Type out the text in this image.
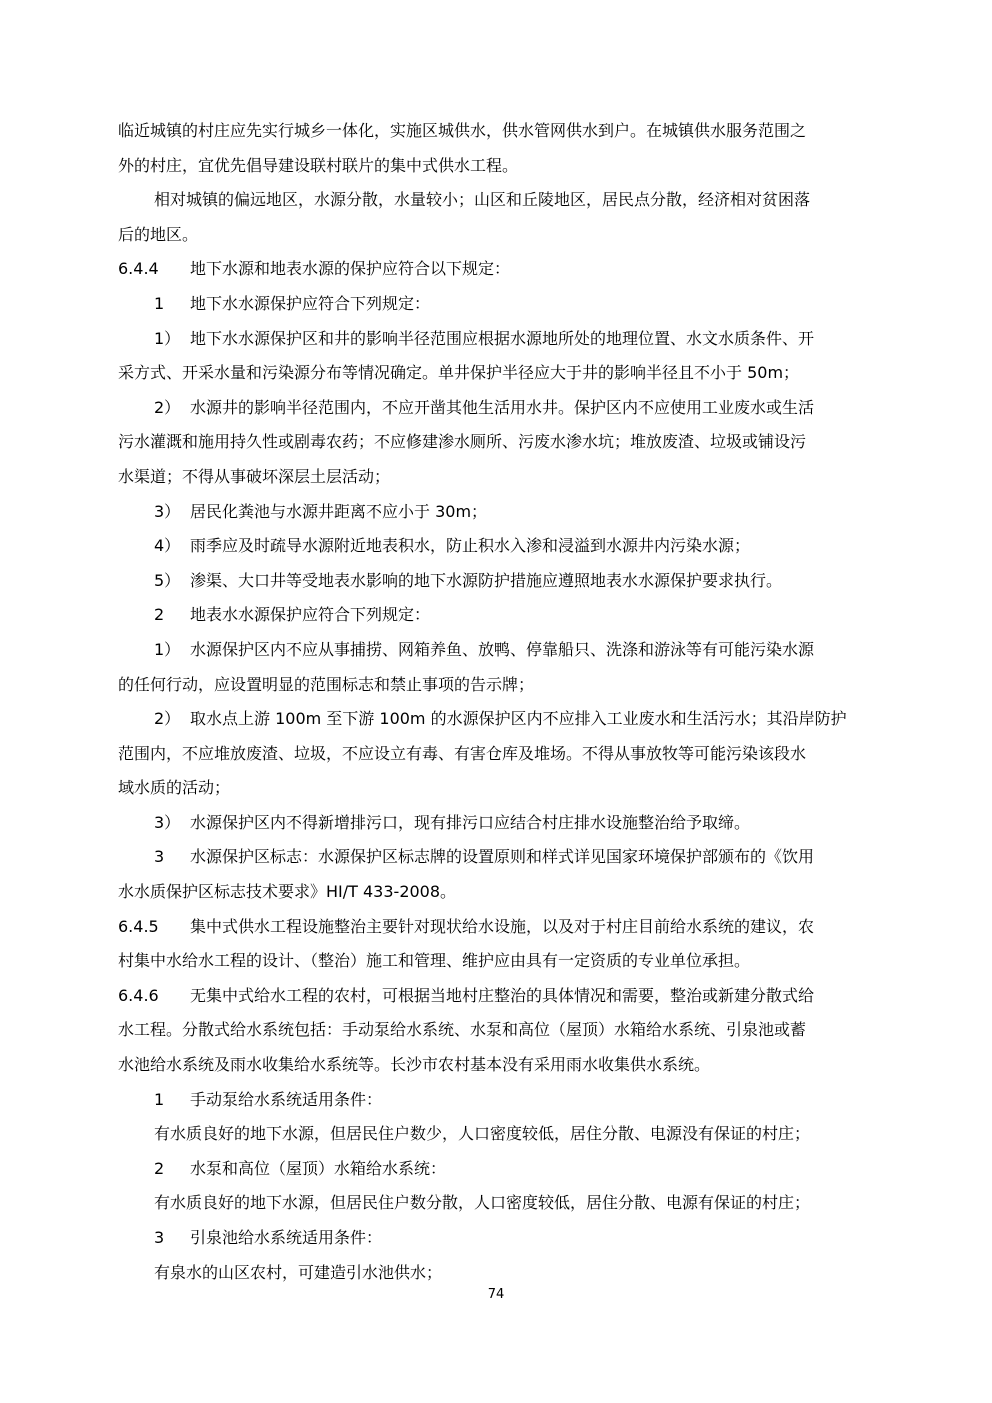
临近城镇的村庄应先实行城乡一体化，实施区城供水，供水管网供水到户。在城镇供水服务范围之
外的村庄，宜优先倡导建设联村联片的集中式供水工程。
相对城镇的偏远地区，水源分散，水量较小；山区和丘陵地区，居民点分散，经济相对贫困落
后的地区。
6.4.4 地下水源和地表水源的保护应符合以下规定：
1 地下水水源保护应符合下列规定：
1） 地下水水源保护区和井的影响半径范围应根据水源地所处的地理位置、水文水质条件、开
采方式、开采水量和污染源分布等情况确定。单井保护半径应大于井的影响半径且不小于 50m；
2） 水源井的影响半径范围内，不应开凿其他生活用水井。保护区内不应使用工业废水或生活
污水灌溉和施用持久性或剧毒农药；不应修建渗水厕所、污废水渗水坑；堆放废渣、垃圾或铺设污
水渠道；不得从事破坏深层土层活动；
3） 居民化粪池与水源井距离不应小于 30m；
4） 雨季应及时疏导水源附近地表积水，防止积水入渗和浸溢到水源井内污染水源；
5） 渗渠、大口井等受地表水影响的地下水源防护措施应遵照地表水水源保护要求执行。
2 地表水水源保护应符合下列规定：
1） 水源保护区内不应从事捕捞、网箱养鱼、放鸭、停靠船只、洗涤和游泳等有可能污染水源
的任何行动，应设置明显的范围标志和禁止事项的告示牌；
2） 取水点上游 100m 至下游 100m 的水源保护区内不应排入工业废水和生活污水；其沿岸防护
范围内，不应堆放废渣、垃圾，不应设立有毒、有害仓库及堆场。不得从事放牧等可能污染该段水
域水质的活动；
3） 水源保护区内不得新增排污口，现有排污口应结合村庄排水设施整治给予取缔。
3 水源保护区标志：水源保护区标志牌的设置原则和样式详见国家环境保护部颁布的《饮用
水水质保护区标志技术要求》HI/T 433-2008。
6.4.5 集中式供水工程设施整治主要针对现状给水设施，以及对于村庄目前给水系统的建议，农
村集中水给水工程的设计、（整治）施工和管理、维护应由具有一定资质的专业单位承担。
6.4.6 无集中式给水工程的农村，可根据当地村庄整治的具体情况和需要，整治或新建分散式给
水工程。分散式给水系统包括：手动泵给水系统、水泵和高位（屋顶）水箱给水系统、引泉池或蓄
水池给水系统及雨水收集给水系统等。长沙市农村基本没有采用雨水收集供水系统。
1 手动泵给水系统适用条件：
有水质良好的地下水源，但居民住户数少，人口密度较低，居住分散、电源没有保证的村庄；
2 水泵和高位（屋顶）水箱给水系统：
有水质良好的地下水源，但居民住户数分散，人口密度较低，居住分散、电源有保证的村庄；
3 引泉池给水系统适用条件：
有泉水的山区农村，可建造引水池供水；
74
